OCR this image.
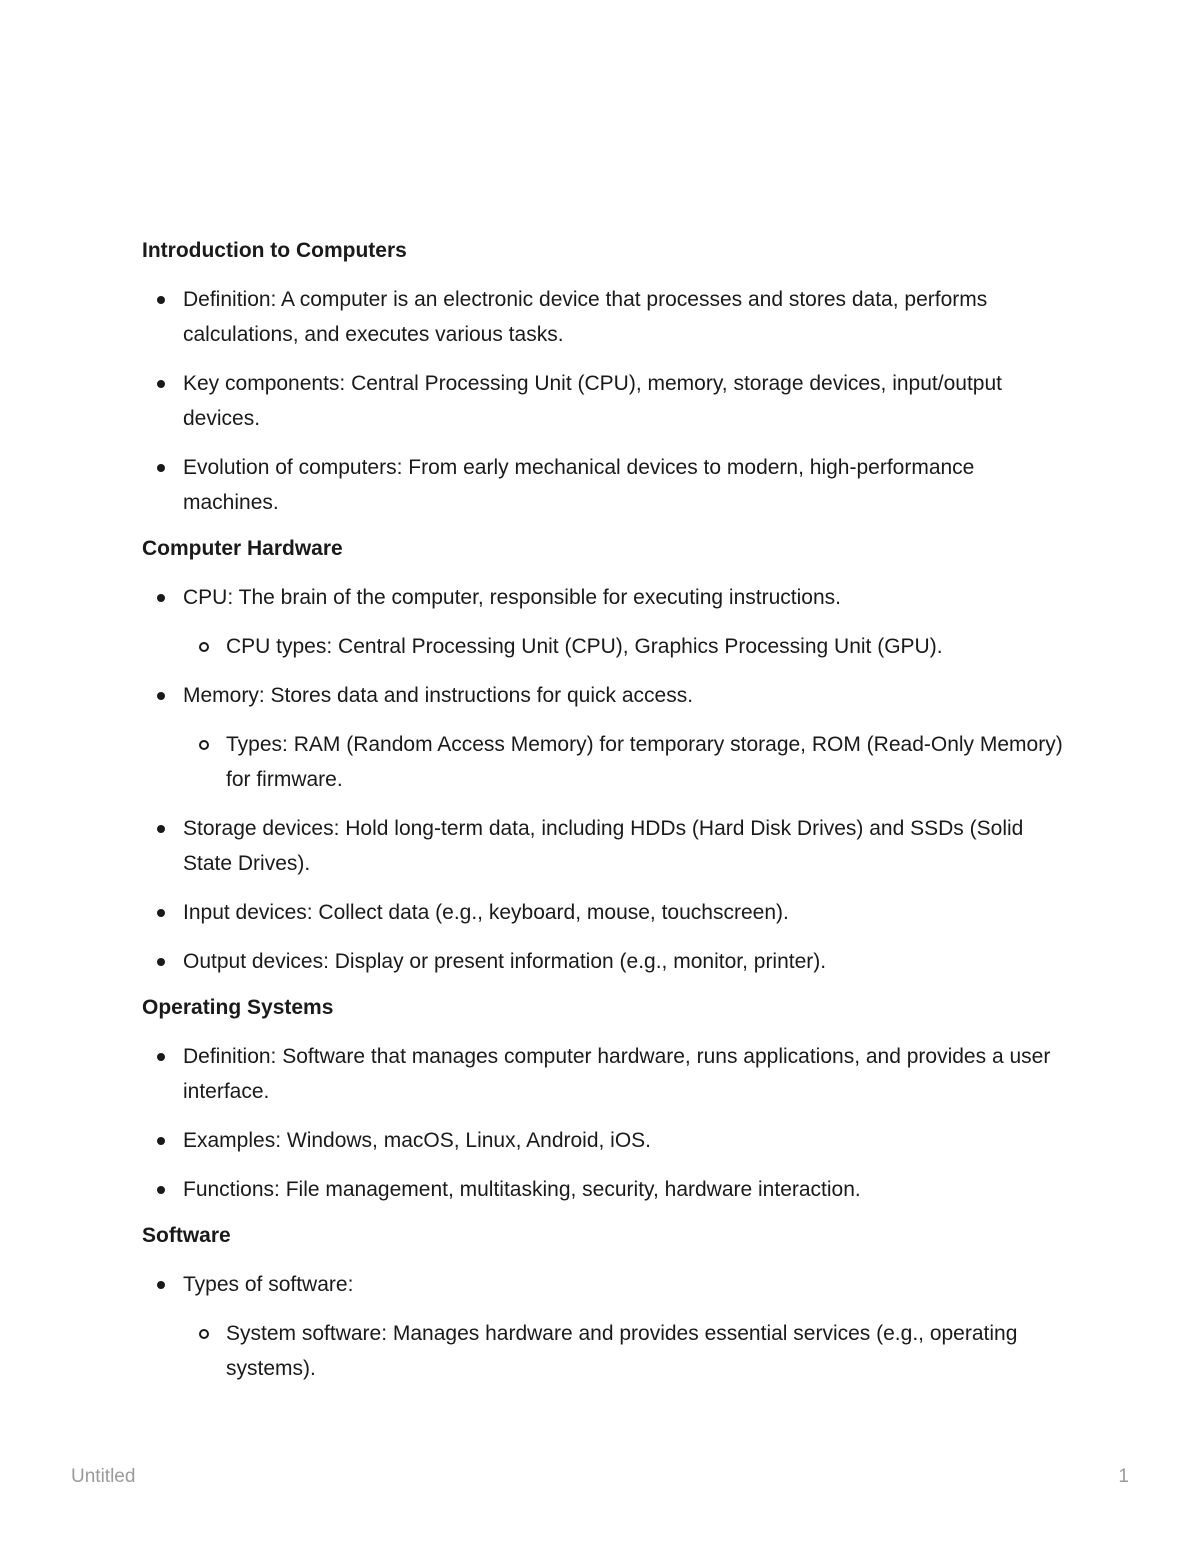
Introduction to Computers
Definition: A computer is an electronic device that processes and stores data, performs calculations, and executes various tasks.
Key components: Central Processing Unit (CPU), memory, storage devices, input/output devices.
Evolution of computers: From early mechanical devices to modern, high-performance machines.
Computer Hardware
CPU: The brain of the computer, responsible for executing instructions.
CPU types: Central Processing Unit (CPU), Graphics Processing Unit (GPU).
Memory: Stores data and instructions for quick access.
Types: RAM (Random Access Memory) for temporary storage, ROM (Read-Only Memory) for firmware.
Storage devices: Hold long-term data, including HDDs (Hard Disk Drives) and SSDs (Solid State Drives).
Input devices: Collect data (e.g., keyboard, mouse, touchscreen).
Output devices: Display or present information (e.g., monitor, printer).
Operating Systems
Definition: Software that manages computer hardware, runs applications, and provides a user interface.
Examples: Windows, macOS, Linux, Android, iOS.
Functions: File management, multitasking, security, hardware interaction.
Software
Types of software:
System software: Manages hardware and provides essential services (e.g., operating systems).
Untitled	1
